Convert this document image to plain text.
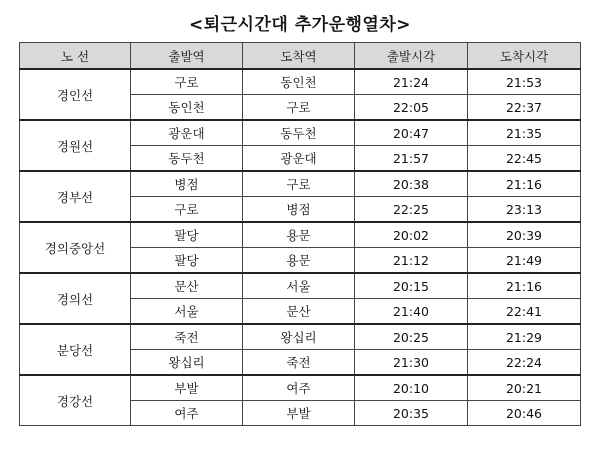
<퇴근시간대 추가운행열차>
노 선	출발역	도착역	출발시각	도착시각
경인선	구로	동인천	21:24	21:53
	동인천	구로	22:05	22:37
경원선	광운대	동두천	20:47	21:35
	동두천	광운대	21:57	22:45
경부선	병점	구로	20:38	21:16
	구로	병점	22:25	23:13
경의중앙선	팔당	용문	20:02	20:39
	팔당	용문	21:12	21:49
경의선	문산	서울	20:15	21:16
	서울	문산	21:40	22:41
분당선	죽전	왕십리	20:25	21:29
	왕십리	죽전	21:30	22:24
경강선	부발	여주	20:10	20:21
	여주	부발	20:35	20:46
